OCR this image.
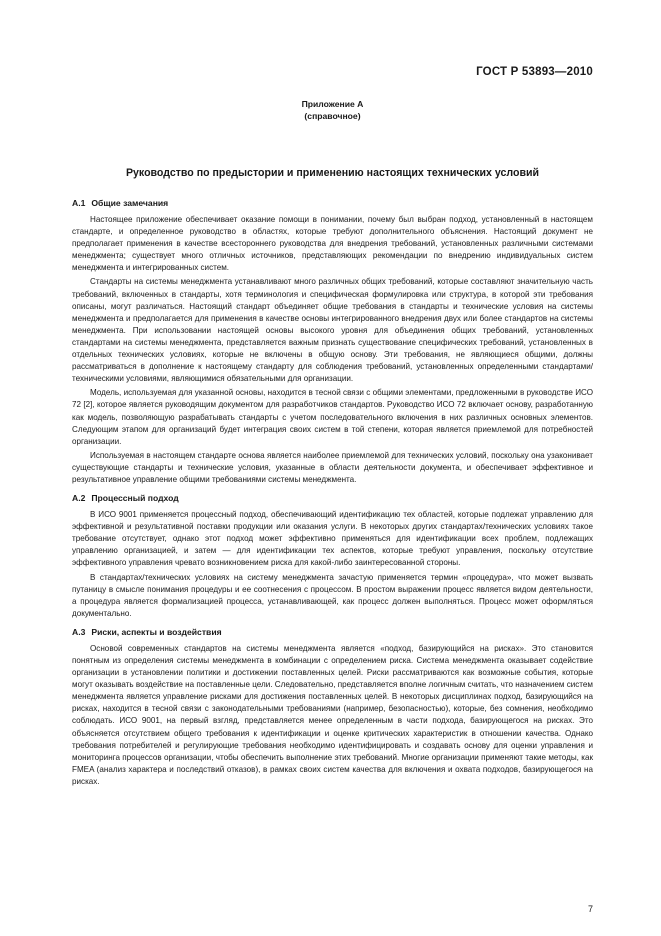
ГОСТ Р 53893—2010
Приложение А
(справочное)
Руководство по предыстории и применению настоящих технических условий
А.1 Общие замечания

Настоящее приложение обеспечивает оказание помощи в понимании, почему был выбран подход, установленный в настоящем стандарте, и определенное руководство в областях, которые требуют дополнительного объяснения. Настоящий документ не предполагает применения в качестве всестороннего руководства для внедрения требований, установленных различными системами менеджмента; существует много отличных источников, представляющих рекомендации по внедрению индивидуальных систем менеджмента и интегрированных систем.

Стандарты на системы менеджмента устанавливают много различных общих требований, которые составляют значительную часть требований, включенных в стандарты, хотя терминология и специфическая формулировка или структура, в которой эти требования описаны, могут различаться. Настоящий стандарт объединяет общие требования в стандарты и технические условия на системы менеджмента и предполагается для применения в качестве основы интегрированного внедрения двух или более стандартов на системы менеджмента. При использовании настоящей основы высокого уровня для объединения общих требований, установленных стандартами на системы менеджмента, представляется важным признать существование специфических требований, установленных в отдельных технических условиях, которые не включены в общую основу. Эти требования, не являющиеся общими, должны рассматриваться в дополнение к настоящему стандарту для соблюдения требований, установленных определенными стандартами/техническими условиями, являющимися обязательными для организации.

Модель, используемая для указанной основы, находится в тесной связи с общими элементами, предложенными в руководстве ИСО 72 [2], которое является руководящим документом для разработчиков стандартов. Руководство ИСО 72 включает основу, разработанную как модель, позволяющую разрабатывать стандарты с учетом последовательного включения в них различных основных элементов. Следующим этапом для организаций будет интеграция своих систем в той степени, которая является приемлемой для потребностей организации.

Используемая в настоящем стандарте основа является наиболее приемлемой для технических условий, поскольку она узаконивает существующие стандарты и технические условия, указанные в области деятельности документа, и обеспечивает эффективное и результативное управление общими требованиями системы менеджмента.

А.2 Процессный подход

В ИСО 9001 применяется процессный подход, обеспечивающий идентификацию тех областей, которые подлежат управлению для эффективной и результативной поставки продукции или оказания услуги. В некоторых других стандартах/технических условиях такое требование отсутствует, однако этот подход может эффективно применяться для идентификации всех проблем, подлежащих управлению организацией, и затем — для идентификации тех аспектов, которые требуют управления, поскольку отсутствие эффективного управления чревато возникновением риска для какой-либо заинтересованной стороны.

В стандартах/технических условиях на систему менеджмента зачастую применяется термин «процедура», что может вызвать путаницу в смысле понимания процедуры и ее соотнесения с процессом. В простом выражении процесс является видом деятельности, а процедура является формализацией процесса, устанавливающей, как процесс должен выполняться. Процесс может оформляться документально.

А.3 Риски, аспекты и воздействия

Основой современных стандартов на системы менеджмента является «подход, базирующийся на рисках». Это становится понятным из определения системы менеджмента в комбинации с определением риска. Система менеджмента оказывает содействие организации в установлении политики и достижении поставленных целей. Риски рассматриваются как возможные события, которые могут оказывать воздействие на поставленные цели. Следовательно, представляется вполне логичным считать, что назначением систем менеджмента является управление рисками для достижения поставленных целей. В некоторых дисциплинах подход, базирующийся на рисках, находится в тесной связи с законодательными требованиями (например, безопасностью), которые, без сомнения, необходимо соблюдать. ИСО 9001, на первый взгляд, представляется менее определенным в части подхода, базирующегося на рисках. Это объясняется отсутствием общего требования к идентификации и оценке критических характеристик в отношении качества. Однако требования потребителей и регулирующие требования необходимо идентифицировать и создавать основу для оценки управления и мониторинга процессов организации, чтобы обеспечить выполнение этих требований. Многие организации применяют такие методы, как FMEA (анализ характера и последствий отказов), в рамках своих систем качества для включения и охвата подходов, базирующегося на рисках.

7
